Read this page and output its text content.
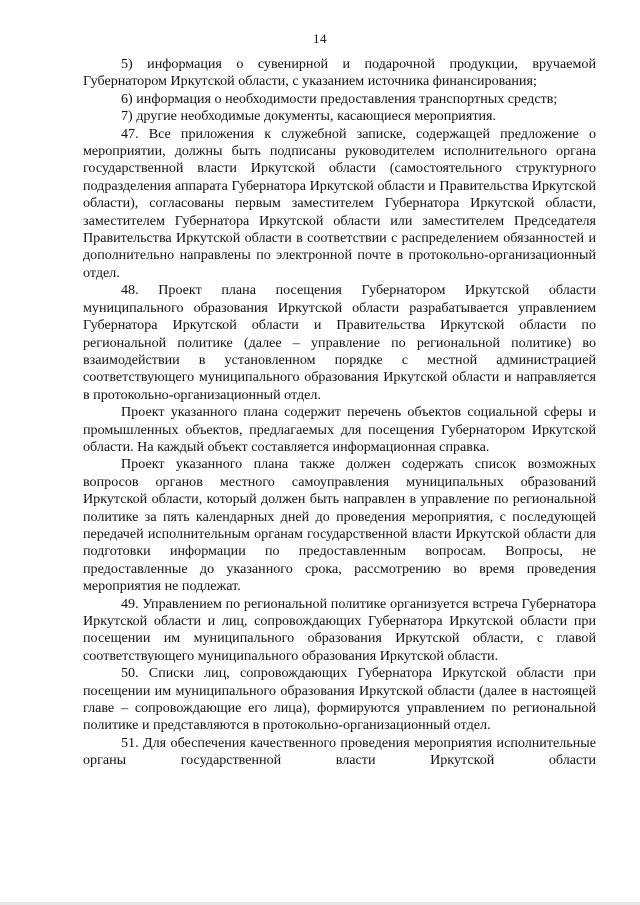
14

5) информация о сувенирной и подарочной продукции, вручаемой Губернатором Иркутской области, с указанием источника финансирования;

6) информация о необходимости предоставления транспортных средств;

7) другие необходимые документы, касающиеся мероприятия.

47. Все приложения к служебной записке, содержащей предложение о мероприятии, должны быть подписаны руководителем исполнительного органа государственной власти Иркутской области (самостоятельного структурного подразделения аппарата Губернатора Иркутской области и Правительства Иркутской области), согласованы первым заместителем Губернатора Иркутской области, заместителем Губернатора Иркутской области или заместителем Председателя Правительства Иркутской области в соответствии с распределением обязанностей и дополнительно направлены по электронной почте в протокольно-организационный отдел.

48. Проект плана посещения Губернатором Иркутской области муниципального образования Иркутской области разрабатывается управлением Губернатора Иркутской области и Правительства Иркутской области по региональной политике (далее – управление по региональной политике) во взаимодействии в установленном порядке с местной администрацией соответствующего муниципального образования Иркутской области и направляется в протокольно-организационный отдел.

Проект указанного плана содержит перечень объектов социальной сферы и промышленных объектов, предлагаемых для посещения Губернатором Иркутской области. На каждый объект составляется информационная справка.

Проект указанного плана также должен содержать список возможных вопросов органов местного самоуправления муниципальных образований Иркутской области, который должен быть направлен в управление по региональной политике за пять календарных дней до проведения мероприятия, с последующей передачей исполнительным органам государственной власти Иркутской области для подготовки информации по предоставленным вопросам. Вопросы, не предоставленные до указанного срока, рассмотрению во время проведения мероприятия не подлежат.

49. Управлением по региональной политике организуется встреча Губернатора Иркутской области и лиц, сопровождающих Губернатора Иркутской области при посещении им муниципального образования Иркутской области, с главой соответствующего муниципального образования Иркутской области.

50. Списки лиц, сопровождающих Губернатора Иркутской области при посещении им муниципального образования Иркутской области (далее в настоящей главе – сопровождающие его лица), формируются управлением по региональной политике и представляются в протокольно-организационный отдел.

51. Для обеспечения качественного проведения мероприятия исполнительные органы государственной власти Иркутской области
